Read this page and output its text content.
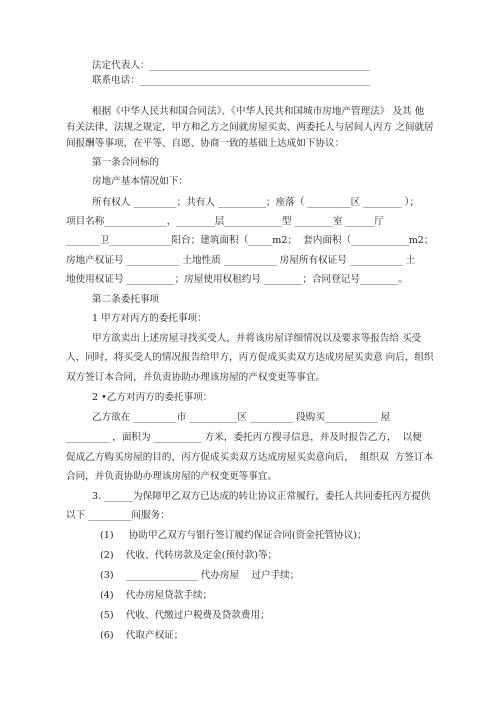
法定代表人：______________________________________________
联系电话：________________________________________________
根据《中华人民共和国合同法》、《中华人民共和国城市房地产管理法》 及其 他
有关法律、法规之规定，甲方和乙方之间就房屋买卖、两委托人与居间人丙方 之间就居
间报酬等事项，在平等、自愿、协商一致的基础上达成如下协议：
第一条合同标的
房地产基本情况如下：
所有权人 _________；共有人 __________；座落（ _________区 ________ ）；
项目名称_____________，________层____________型 ________室 ______厅
_______卫_____________阳台；建筑面积（_____m2；  套内面积（____________m2；
房地产权证号 ___________ 土地性质 ___________ 房屋所有权证号 ___________ 土
地使用权证号 __________；房屋使用权租约号 ________；合同登记号________。
第二条委托事项
1 甲方对丙方的委托事项：
甲方欲卖出上述房屋寻找买受人，并将该房屋详细情况以及要求等报告给 买受
人，同时，将买受人的情况报告给甲方，丙方促成买卖双方达成房屋买卖意 向后，组织
双方签订本合同，并负责协助办理该房屋的产权变更等事宜。
2 •乙方对丙方的委托事项：
乙方欲在 _________市 __________区 _________ 段购买___________ 屋
_________ ，面积为 __________ 方米，委托丙方搜寻信息，并及时报告乙方，  以便
促成乙方购买房屋的目的，丙方促成买卖双方达成房屋买卖意向后，  组织双  方签订本
合同，并负责协助办理该房屋的产权变更等事宜。
3. ______为保障甲乙双方已达成的转让协议正常履行，委托人共同委托丙方提供
以下 _________间服务：
(1)     协助甲乙双方与银行签订履约保证合同(资金托管协议)；
(2)    代收、代转房款及定金(预付款)等；
(3)    _______________ 代办房屋    过户手续；
(4)    代办房屋贷款手续；
(5)    代收、代缴过户税费及贷款费用；
(6)    代取产权证；
